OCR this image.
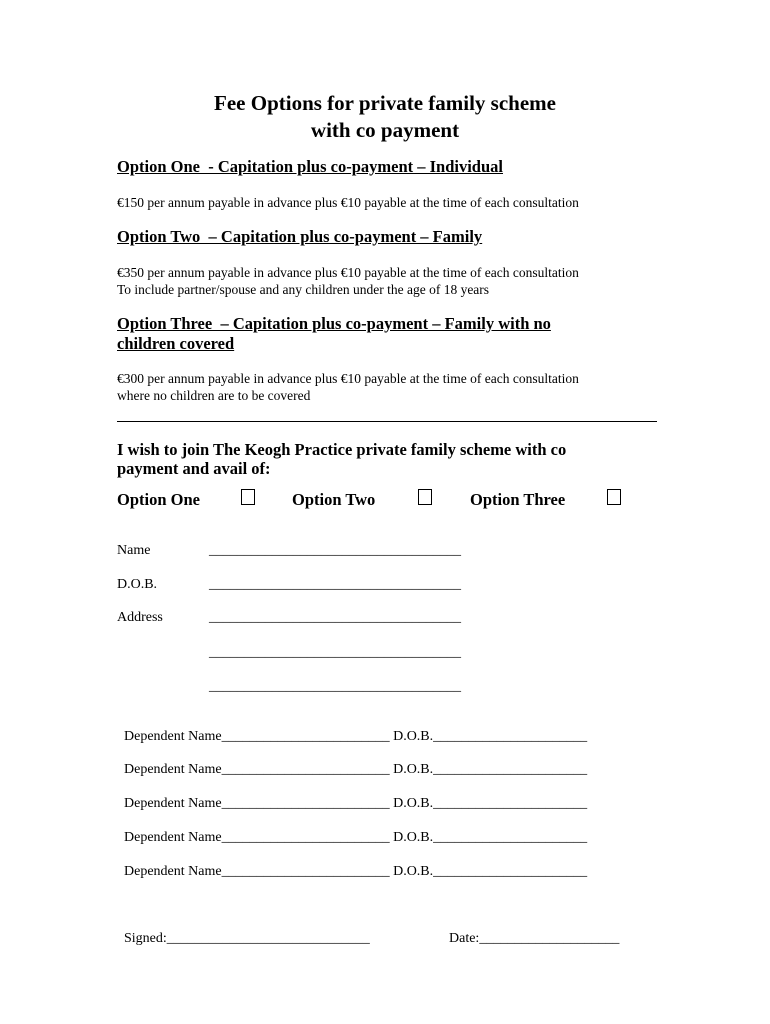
Fee Options for private family scheme
with co payment
Option One  - Capitation plus co-payment – Individual
€150 per annum payable in advance plus €10 payable at the time of each consultation
Option Two  – Capitation plus co-payment – Family
€350 per annum payable in advance plus €10 payable at the time of each consultation
To include partner/spouse and any children under the age of 18 years
Option Three  – Capitation plus co-payment – Family with no
children covered
€300 per annum payable in advance plus €10 payable at the time of each consultation
where no children are to be covered
I wish to join The Keogh Practice private family scheme with co
payment and avail of:
Option One	Option Two	Option Three
Name	____________________________________
D.O.B.	____________________________________
Address	____________________________________
____________________________________
____________________________________

Dependent Name________________________ D.O.B.______________________

Dependent Name________________________ D.O.B.______________________

Dependent Name________________________ D.O.B.______________________

Dependent Name________________________ D.O.B.______________________

Dependent Name________________________ D.O.B.______________________

Signed:_____________________________	Date:____________________
